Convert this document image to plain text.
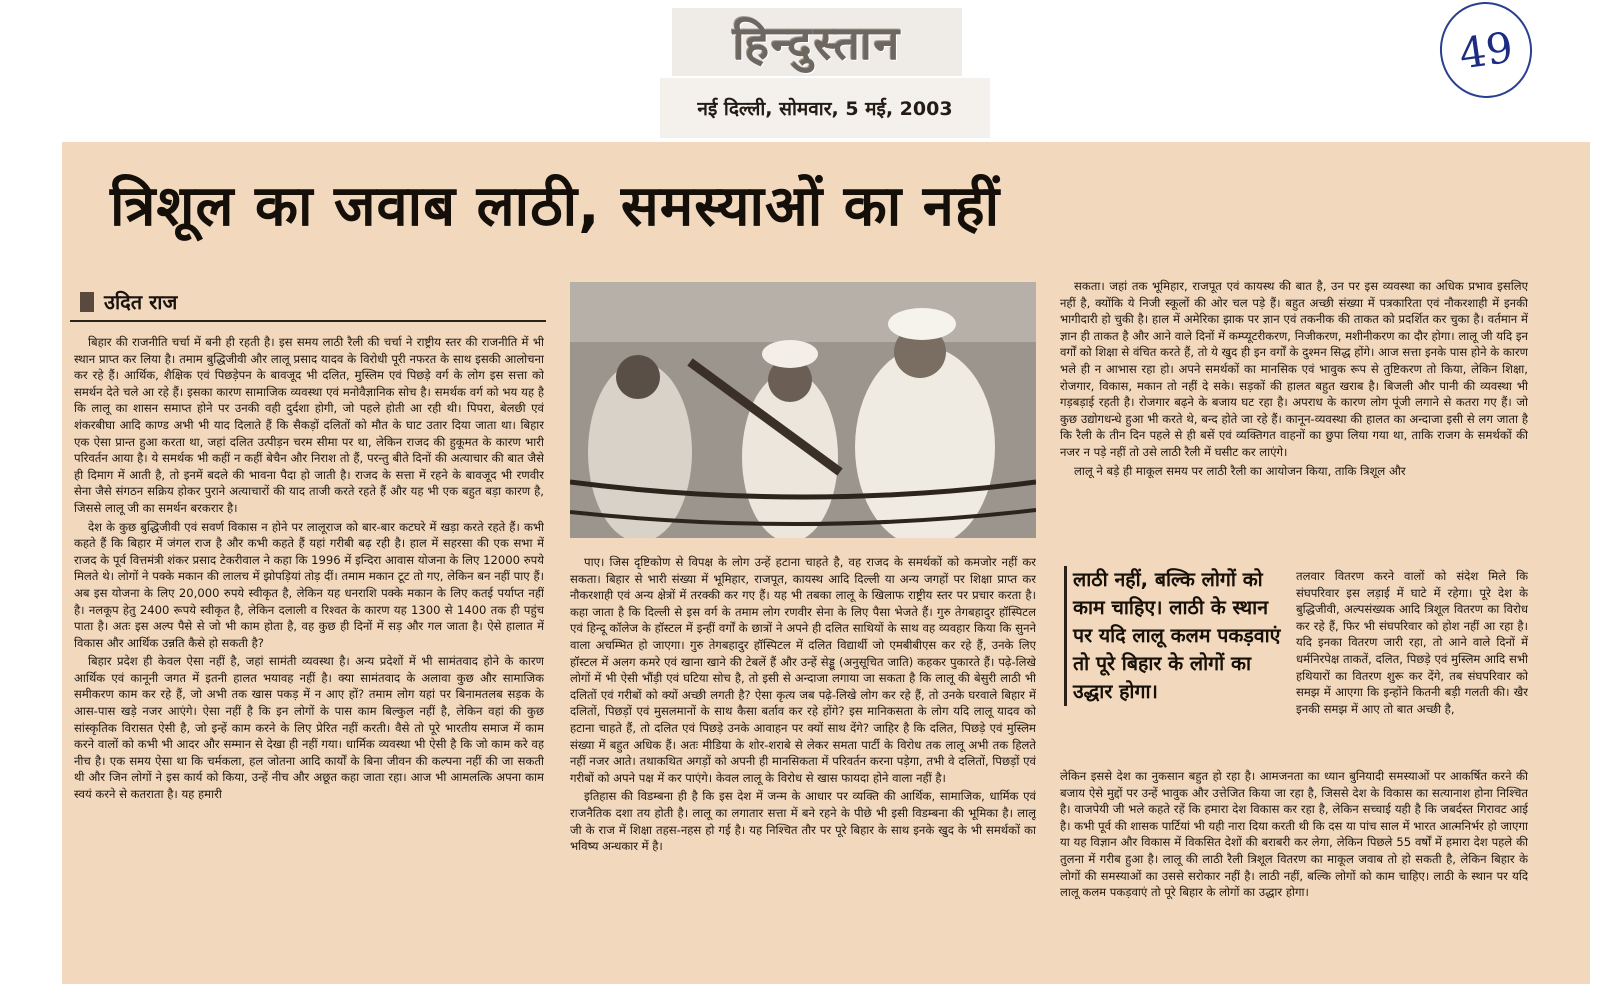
हिन्दुस्तान
नई दिल्ली, सोमवार, 5 मई, 2003
49
त्रिशूल का जवाब लाठी, समस्याओं का नहीं
उदित राज

बिहार की राजनीति चर्चा में बनी ही रहती है। इस समय लाठी रैली की चर्चा ने राष्ट्रीय स्तर की राजनीति में भी स्थान प्राप्त कर लिया है। तमाम बुद्धिजीवी और लालू प्रसाद यादव के विरोधी पूरी नफरत के साथ इसकी आलोचना कर रहे हैं। आर्थिक, शैक्षिक एवं पिछड़ेपन के बावजूद भी दलित, मुस्लिम एवं पिछड़े वर्ग के लोग इस सत्ता को समर्थन देते चले आ रहे हैं। इसका कारण सामाजिक व्यवस्था एवं मनोवैज्ञानिक सोच है। समर्थक वर्ग को भय यह है कि लालू का शासन समाप्त होने पर उनकी वही दुर्दशा होगी, जो पहले होती आ रही थी। पिपरा, बेलछी एवं शंकरबीघा आदि काण्ड अभी भी याद दिलाते हैं कि सैकड़ों दलितों को मौत के घाट उतार दिया जाता था। बिहार एक ऐसा प्रान्त हुआ करता था, जहां दलित उत्पीड़न चरम सीमा पर था, लेकिन राजद की हुकूमत के कारण भारी परिवर्तन आया है। ये समर्थक भी कहीं न कहीं बेचैन और निराश तो हैं, परन्तु बीते दिनों की अत्याचार की बात जैसे ही दिमाग में आती है, तो इनमें बदले की भावना पैदा हो जाती है। राजद के सत्ता में रहने के बावजूद भी रणवीर सेना जैसे संगठन सक्रिय होकर पुराने अत्याचारों की याद ताजी करते रहते हैं और यह भी एक बहुत बड़ा कारण है, जिससे लालू जी का समर्थन बरकरार है।

देश के कुछ बुद्धिजीवी एवं सवर्ण विकास न होने पर लालूराज को बार-बार कटघरे में खड़ा करते रहते हैं। कभी कहते हैं कि बिहार में जंगल राज है और कभी कहते हैं यहां गरीबी बढ़ रही है। हाल में सहरसा की एक सभा में राजद के पूर्व वित्तमंत्री शंकर प्रसाद टेकरीवाल ने कहा कि 1996 में इन्दिरा आवास योजना के लिए 12000 रुपये मिलते थे। लोगों ने पक्के मकान की लालच में झोपड़ियां तोड़ दीं। तमाम मकान टूट तो गए, लेकिन बन नहीं पाए हैं। अब इस योजना के लिए 20,000 रुपये स्वीकृत है, लेकिन यह धनराशि पक्के मकान के लिए कतई पर्याप्त नहीं है। नलकूप हेतु 2400 रूपये स्वीकृत है, लेकिन दलाली व रिश्वत के कारण यह 1300 से 1400 तक ही पहुंच पाता है। अतः इस अल्प पैसे से जो भी काम होता है, वह कुछ ही दिनों में सड़ और गल जाता है। ऐसे हालात में विकास और आर्थिक उन्नति कैसे हो सकती है?

बिहार प्रदेश ही केवल ऐसा नहीं है, जहां सामंती व्यवस्था है। अन्य प्रदेशों में भी सामंतवाद होने के कारण आर्थिक एवं कानूनी जगत में इतनी हालत भयावह नहीं है। क्या सामंतवाद के अलावा कुछ और सामाजिक समीकरण काम कर रहे हैं, जो अभी तक खास पकड़ में न आए हों? तमाम लोग यहां पर बिनामतलब सड़क के आस-पास खड़े नजर आएंगे। ऐसा नहीं है कि इन लोगों के पास काम बिल्कुल नहीं है, लेकिन वहां की कुछ सांस्कृतिक विरासत ऐसी है, जो इन्हें काम करने के लिए प्रेरित नहीं करती। वैसे तो पूरे भारतीय समाज में काम करने वालों को कभी भी आदर और सम्मान से देखा ही नहीं गया। धार्मिक व्यवस्था भी ऐसी है कि जो काम करे वह नीच है। एक समय ऐसा था कि चर्मकला, हल जोतना आदि कार्यों के बिना जीवन की कल्पना नहीं की जा सकती थी और जिन लोगों ने इस कार्य को किया, उन्हें नीच और अछूत कहा जाता रहा। आज भी आमलत्कि अपना काम स्वयं करने से कतराता है। यह हमारी

पाए। जिस दृष्टिकोण से विपक्ष के लोग उन्हें हटाना चाहते है, वह राजद के समर्थकों को कमजोर नहीं कर सकता। बिहार से भारी संख्या में भूमिहार, राजपूत, कायस्थ आदि दिल्ली या अन्य जगहों पर शिक्षा प्राप्त कर नौकरशाही एवं अन्य क्षेत्रों में तरक्की कर गए हैं। यह भी तबका लालू के खिलाफ राष्ट्रीय स्तर पर प्रचार करता है। कहा जाता है कि दिल्ली से इस वर्ग के तमाम लोग रणवीर सेना के लिए पैसा भेजते हैं। गुरु तेगबहादुर हॉस्पिटल एवं हिन्दू कॉलेज के हॉस्टल में इन्हीं वर्गों के छात्रों ने अपने ही दलित साथियों के साथ वह व्यवहार किया कि सुनने वाला अचम्भित हो जाएगा। गुरु तेगबहादुर हॉस्पिटल में दलित विद्यार्थी जो एमबीबीएस कर रहे हैं, उनके लिए हॉस्टल में अलग कमरे एवं खाना खाने की टेबलें हैं और उन्हें सेड्डू (अनुसूचित जाति) कहकर पुकारते हैं। पढ़े-लिखे लोगों में भी ऐसी भौंड़ी एवं घटिया सोच है, तो इसी से अन्दाजा लगाया जा सकता है कि लालू की बेसुरी लाठी भी दलितों एवं गरीबों को क्यों अच्छी लगती है? ऐसा कृत्य जब पढ़े-लिखे लोग कर रहे हैं, तो उनके घरवाले बिहार में दलितों, पिछड़ों एवं मुसलमानों के साथ कैसा बर्ताव कर रहे होंगे? इस मानिकसता के लोग यदि लालू यादव को हटाना चाहते हैं, तो दलित एवं पिछड़े उनके आवाहन पर क्यों साथ देंगे? जाहिर है कि दलित, पिछड़े एवं मुस्लिम संख्या में बहुत अधिक हैं। अतः मीडिया के शोर-शराबे से लेकर समता पार्टी के विरोध तक लालू अभी तक हिलते नहीं नजर आते। तथाकथित अगड़ों को अपनी ही मानसिकता में परिवर्तन करना पड़ेगा, तभी वे दलितों, पिछड़ों एवं गरीबों को अपने पक्ष में कर पाएंगे। केवल लालू के विरोध से खास फायदा होने वाला नहीं है।

इतिहास की विडम्बना ही है कि इस देश में जन्म के आधार पर व्यक्ति की आर्थिक, सामाजिक, धार्मिक एवं राजनैतिक दशा तय होती है। लालू का लगातार सत्ता में बने रहने के पीछे भी इसी विडम्बना की भूमिका है। लालू जी के राज में शिक्षा तहस-नहस हो गई है। यह निश्चित तौर पर पूरे बिहार के साथ इनके खुद के भी समर्थकों का भविष्य अन्धकार में है।

सकता। जहां तक भूमिहार, राजपूत एवं कायस्थ की बात है, उन पर इस व्यवस्था का अधिक प्रभाव इसलिए नहीं है, क्योंकि ये निजी स्कूलों की ओर चल पड़े हैं। बहुत अच्छी संख्या में पत्रकारिता एवं नौकरशाही में इनकी भागीदारी हो चुकी है। हाल में अमेरिका झाक पर ज्ञान एवं तकनीक की ताकत को प्रदर्शित कर चुका है। वर्तमान में ज्ञान ही ताकत है और आने वाले दिनों में कम्प्यूटरीकरण, निजीकरण, मशीनीकरण का दौर होगा। लालू जी यदि इन वर्गों को शिक्षा से वंचित करते हैं, तो ये खुद ही इन वर्गों के दुश्मन सिद्ध होंगे। आज सत्ता इनके पास होने के कारण भले ही न आभास रहा हो। अपने समर्थकों का मानसिक एवं भावुक रूप से तुष्टिकरण तो किया, लेकिन शिक्षा, रोजगार, विकास, मकान तो नहीं दे सके। सड़कों की हालत बहुत खराब है। बिजली और पानी की व्यवस्था भी गड़बड़ाई रहती है। रोजगार बढ़ने के बजाय घट रहा है। अपराध के कारण लोग पूंजी लगाने से कतरा गए हैं। जो कुछ उद्योगधन्धे हुआ भी करते थे, बन्द होते जा रहे हैं। कानून-व्यवस्था की हालत का अन्दाजा इसी से लग जाता है कि रैली के तीन दिन पहले से ही बसें एवं व्यक्तिगत वाहनों का छुपा लिया गया था, ताकि राजग के समर्थकों की नजर न पड़े नहीं तो उसे लाठी रैली में घसीट कर लाएंगे।

लालू ने बड़े ही माकूल समय पर लाठी रैली का आयोजन किया, ताकि त्रिशूल और

लाठी नहीं, बल्कि लोगों को काम चाहिए। लाठी के स्थान पर यदि लालू कलम पकड़वाएं तो पूरे बिहार के लोगों का उद्धार होगा।

तलवार वितरण करने वालों को संदेश मिले कि संघपरिवार इस लड़ाई में घाटे में रहेगा। पूरे देश के बुद्धिजीवी, अल्पसंख्यक आदि त्रिशूल वितरण का विरोध कर रहे हैं, फिर भी संघपरिवार को होश नहीं आ रहा है। यदि इनका वितरण जारी रहा, तो आने वाले दिनों में धर्मनिरपेक्ष ताकतें, दलित, पिछड़े एवं मुस्लिम आदि सभी हथियारों का वितरण शुरू कर देंगे, तब संघपरिवार को समझ में आएगा कि इन्होंने कितनी बड़ी गलती की। खैर इनकी समझ में आए तो बात अच्छी है,

लेकिन इससे देश का नुकसान बहुत हो रहा है। आमजनता का ध्यान बुनियादी समस्याओं पर आकर्षित करने की बजाय ऐसे मुद्दों पर उन्हें भावुक और उत्तेजित किया जा रहा है, जिससे देश के विकास का सत्यानाश होना निश्चित है। वाजपेयी जी भले कहते रहें कि हमारा देश विकास कर रहा है, लेकिन सच्चाई यही है कि जबर्दस्त गिरावट आई है। कभी पूर्व की शासक पार्टियां भी यही नारा दिया करती थी कि दस या पांच साल में भारत आत्मनिर्भर हो जाएगा या यह विज्ञान और विकास में विकसित देशों की बराबरी कर लेगा, लेकिन पिछले 55 वर्षों में हमारा देश पहले की तुलना में गरीब हुआ है। लालू की लाठी रैली त्रिशूल वितरण का माकूल जवाब तो हो सकती है, लेकिन बिहार के लोगों की समस्याओं का उससे सरोकार नहीं है। लाठी नहीं, बल्कि लोगों को काम चाहिए। लाठी के स्थान पर यदि लालू कलम पकड़वाएं तो पूरे बिहार के लोगों का उद्धार होगा।
